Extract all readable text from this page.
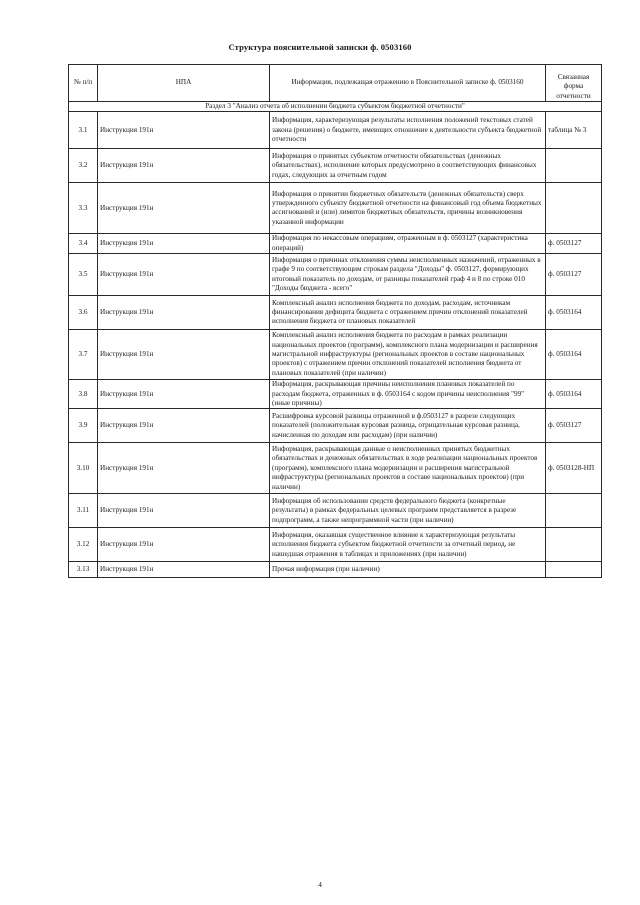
Структура пояснительной записки ф. 0503160
№ п/п	НПА	Информация, подлежащая отражению в Пояснительной записке ф. 0503160	Связанная форма отчетности
Раздел 3 "Анализ отчета об исполнении бюджета субъектом бюджетной отчетности"			
3.1	Инструкция 191н	Информация, характеризующая результаты исполнения положений текстовых статей закона (решения) о бюджете, имеющих отношение к деятельности субъекта бюджетной отчетности	таблица № 3
3.2	Инструкция 191н	Информация о принятых субъектом отчетности обязательствах (денежных обязательствах), исполнение которых предусмотрено в соответствующих финансовых годах, следующих за отчетным годом	
3.3	Инструкция 191н	Информация о принятии бюджетных обязательств (денежных обязательств) сверх утвержденного субъекту бюджетной отчетности на финансовый год объема бюджетных ассигнований и (или) лимитов бюджетных обязательств, причины возникновения указанной информации	
3.4	Инструкция 191н	Информация по некассовым операциям, отраженным в ф. 0503127 (характеристика операций)	ф. 0503127
3.5	Инструкция 191н	Информация о причинах отклонения суммы неисполненных назначений, отраженных в графе 9 по соответствующим строкам раздела "Доходы" ф. 0503127, формирующих итоговый показатель по доходам, от разницы показателей граф 4 и 8 по строке 010 "Доходы бюджета - всего"	ф. 0503127
3.6	Инструкция 191н	Комплексный анализ исполнения бюджета по доходам, расходам, источникам финансирования дефицита бюджета с отражением причин отклонений показателей исполнения бюджета от плановых показателей	ф. 0503164
3.7	Инструкция 191н	Комплексный анализ исполнения бюджета по расходам в рамках реализации национальных проектов (программ), комплексного плана модернизации и расширения магистральной инфраструктуры (региональных проектов в составе национальных проектов) с отражением причин отклонений показателей исполнения бюджета от плановых показателей (при наличии)	ф. 0503164
3.8	Инструкция 191н	Информация, раскрывающая причины неисполнения плановых показателей по расходам бюджета, отраженных в ф. 0503164 с кодом причины неисполнения "99" (иные причины)	ф. 0503164
3.9	Инструкция 191н	Расшифровка курсовой разницы отраженной в ф.0503127 в разрезе следующих показателей (положительная курсовая разница, отрицательная курсовая разница, начисленная по доходам или расходам) (при наличии)	ф. 0503127
3.10	Инструкция 191н	Информация, раскрывающая данные о неисполненных принятых бюджетных обязательствах и денежных обязательствах в ходе реализации национальных проектов (программ), комплексного плана модернизации и расширения магистральной инфраструктуры (региональных проектов в составе национальных проектов) (при наличии)	ф. 0503128-НП
3.11	Инструкция 191н	Информация об использовании средств федерального бюджета (конкретные результаты) в рамках федеральных целевых программ представляется в разрезе подпрограмм, а также непрограммной части (при наличии)	
3.12	Инструкция 191н	Информация, оказавшая существенное влияние к характеризующая результаты исполнения бюджета субъектом бюджетной отчетности за отчетный период, не нашедшая отражения в таблицах и приложениях (при наличии)	
3.13	Инструкция 191н	Прочая информация (при наличии)	
4
